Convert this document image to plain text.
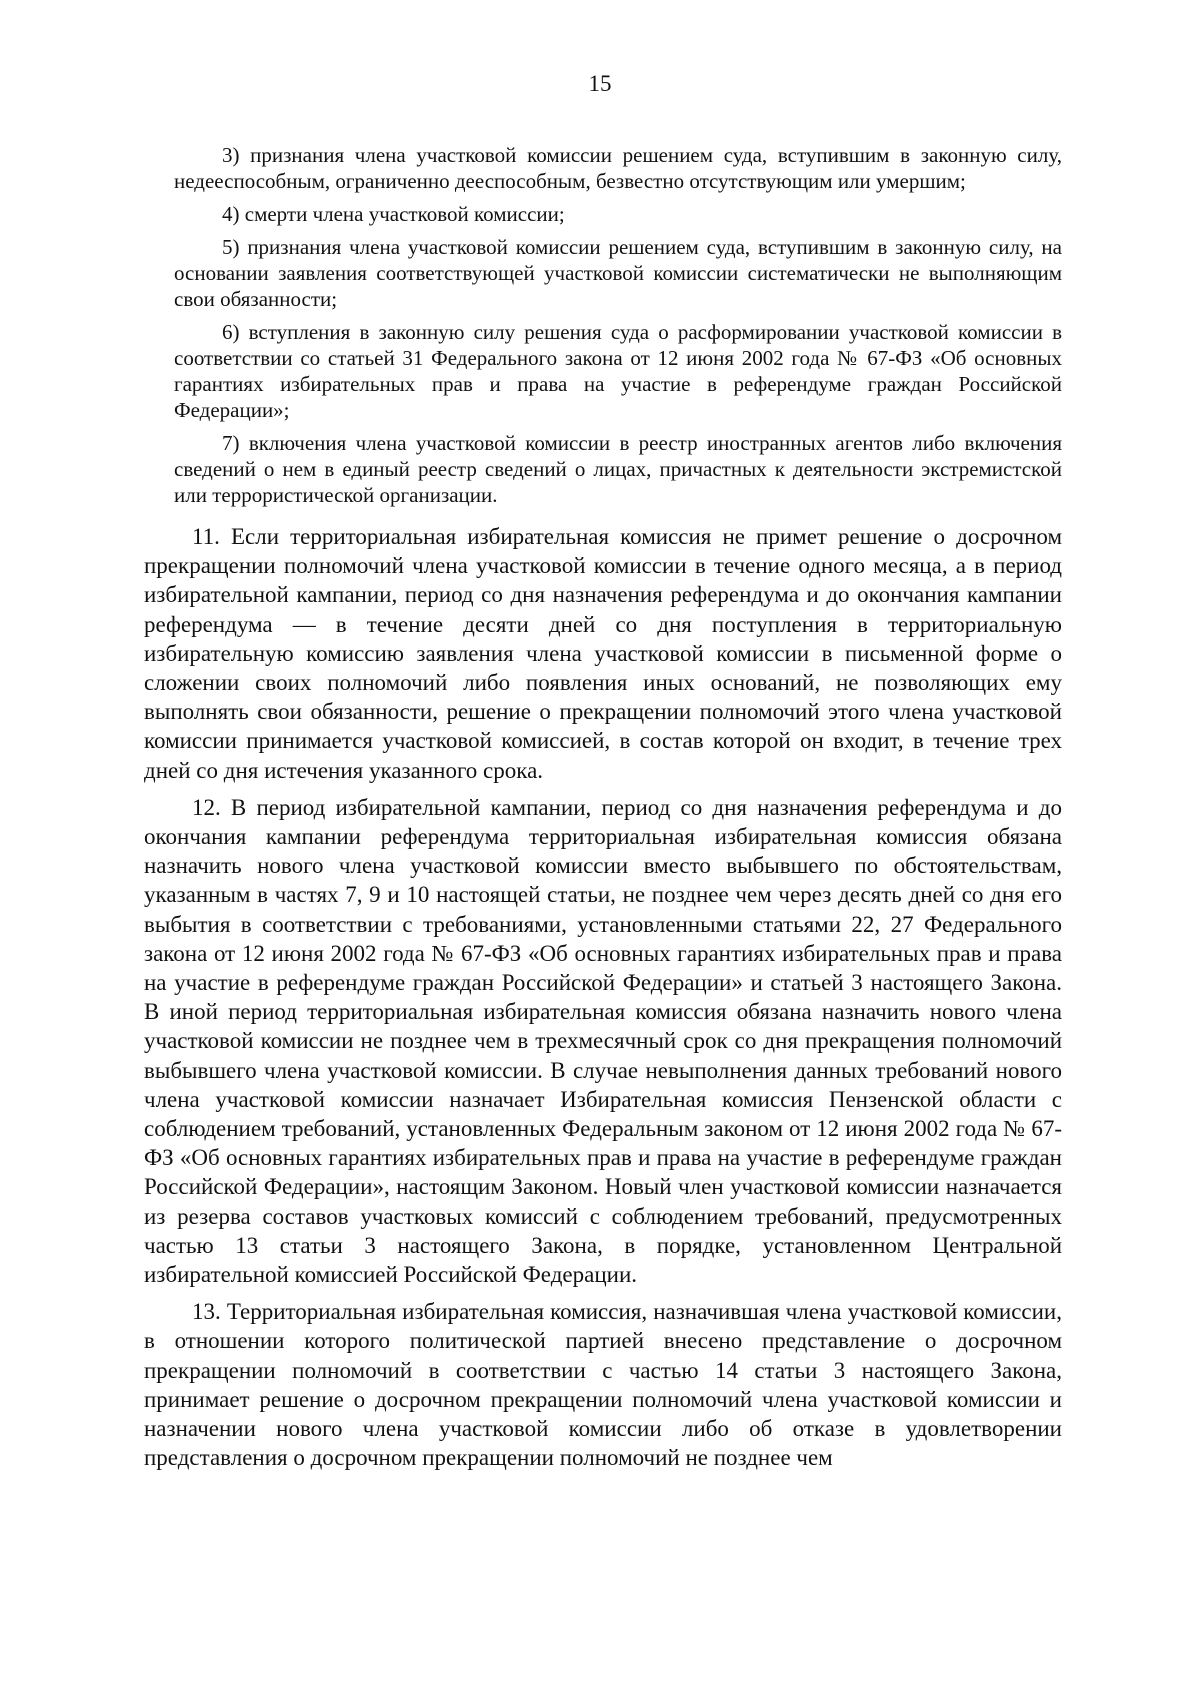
15

3) признания члена участковой комиссии решением суда, вступившим в законную силу, недееспособным, ограниченно дееспособным, безвестно отсутствующим или умершим;

4) смерти члена участковой комиссии;

5) признания члена участковой комиссии решением суда, вступившим в законную силу, на основании заявления соответствующей участковой комиссии систематически не выполняющим свои обязанности;

6) вступления в законную силу решения суда о расформировании участковой комиссии в соответствии со статьей 31 Федерального закона от 12 июня 2002 года № 67-ФЗ «Об основных гарантиях избирательных прав и права на участие в референдуме граждан Российской Федерации»;

7) включения члена участковой комиссии в реестр иностранных агентов либо включения сведений о нем в единый реестр сведений о лицах, причастных к деятельности экстремистской или террористической организации.

11. Если территориальная избирательная комиссия не примет решение о досрочном прекращении полномочий члена участковой комиссии в течение одного месяца, а в период избирательной кампании, период со дня назначения референдума и до окончания кампании референдума — в течение десяти дней со дня поступления в территориальную избирательную комиссию заявления члена участковой комиссии в письменной форме о сложении своих полномочий либо появления иных оснований, не позволяющих ему выполнять свои обязанности, решение о прекращении полномочий этого члена участковой комиссии принимается участковой комиссией, в состав которой он входит, в течение трех дней со дня истечения указанного срока.

12. В период избирательной кампании, период со дня назначения референдума и до окончания кампании референдума территориальная избирательная комиссия обязана назначить нового члена участковой комиссии вместо выбывшего по обстоятельствам, указанным в частях 7, 9 и 10 настоящей статьи, не позднее чем через десять дней со дня его выбытия в соответствии с требованиями, установленными статьями 22, 27 Федерального закона от 12 июня 2002 года № 67-ФЗ «Об основных гарантиях избирательных прав и права на участие в референдуме граждан Российской Федерации» и статьей 3 настоящего Закона. В иной период территориальная избирательная комиссия обязана назначить нового члена участковой комиссии не позднее чем в трехмесячный срок со дня прекращения полномочий выбывшего члена участковой комиссии. В случае невыполнения данных требований нового члена участковой комиссии назначает Избирательная комиссия Пензенской области с соблюдением требований, установленных Федеральным законом от 12 июня 2002 года № 67-ФЗ «Об основных гарантиях избирательных прав и права на участие в референдуме граждан Российской Федерации», настоящим Законом. Новый член участковой комиссии назначается из резерва составов участковых комиссий с соблюдением требований, предусмотренных частью 13 статьи 3 настоящего Закона, в порядке, установленном Центральной избирательной комиссией Российской Федерации.

13. Территориальная избирательная комиссия, назначившая члена участковой комиссии, в отношении которого политической партией внесено представление о досрочном прекращении полномочий в соответствии с частью 14 статьи 3 настоящего Закона, принимает решение о досрочном прекращении полномочий члена участковой комиссии и назначении нового члена участковой комиссии либо об отказе в удовлетворении представления о досрочном прекращении полномочий не позднее чем
